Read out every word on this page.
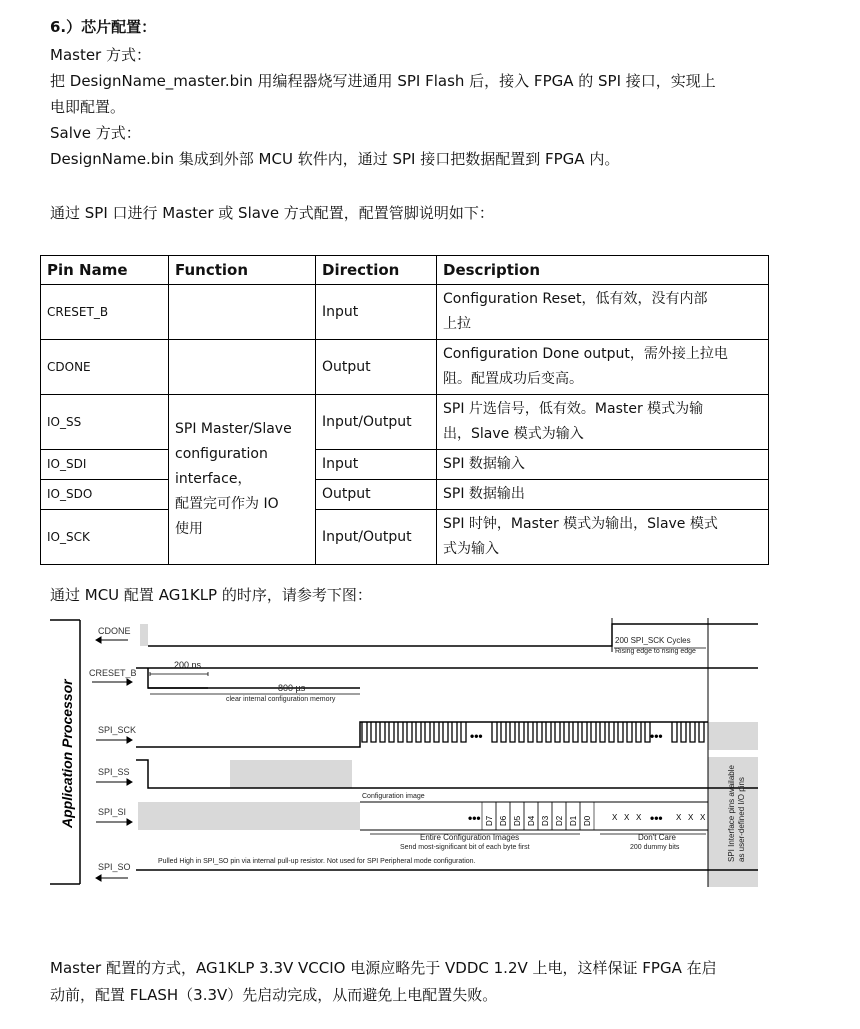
6.）芯片配置：
Master 方式：
把 DesignName_master.bin 用编程器烧写进通用 SPI Flash 后，接入 FPGA 的 SPI 接口，实现上
电即配置。
Salve 方式：
DesignName.bin 集成到外部 MCU 软件内，通过 SPI 接口把数据配置到 FPGA 内。
通过 SPI 口进行 Master 或 Slave 方式配置，配置管脚说明如下：
Pin Name	Function	Direction	Description
CRESET_B		Input	Configuration Reset，低有效，没有内部
上拉
CDONE		Output	Configuration Done output，需外接上拉电
阻。配置成功后变高。
IO_SS	SPI Master/Slave
configuration
interface，
配置完可作为 IO
使用	Input/Output	SPI 片选信号，低有效。Master 模式为输
出，Slave 模式为输入
IO_SDI		Input	SPI 数据输入
IO_SDO		Output	SPI 数据输出
IO_SCK		Input/Output	SPI 时钟，Master 模式为输出，Slave 模式
式为输入
通过 MCU 配置 AG1KLP 的时序，请参考下图：
Application Processor
CDONE
CRESET_B
SPI_SCK
SPI_SS
SPI_SI
SPI_SO
200 ns
800 µs
clear internal configuration memory
200 SPI_SCK Cycles
Rising edge to rising edge
Configuration image
Entire Configuration Images
Send most-significant bit of each byte first
Don't Care
200 dummy bits
Pulled High in SPI_SO pin via internal pull-up resistor. Not used for SPI Peripheral mode configuration.	SPI Interface pins available as user-defined I/O pins
D7 D6 D5 D4 D3 D2 D1 D0	X X X	X X X
•••
•••	•••
•••
Master 配置的方式，AG1KLP 3.3V VCCIO 电源应略先于 VDDC 1.2V 上电，这样保证 FPGA 在启
动前，配置 FLASH（3.3V）先启动完成，从而避免上电配置失败。
